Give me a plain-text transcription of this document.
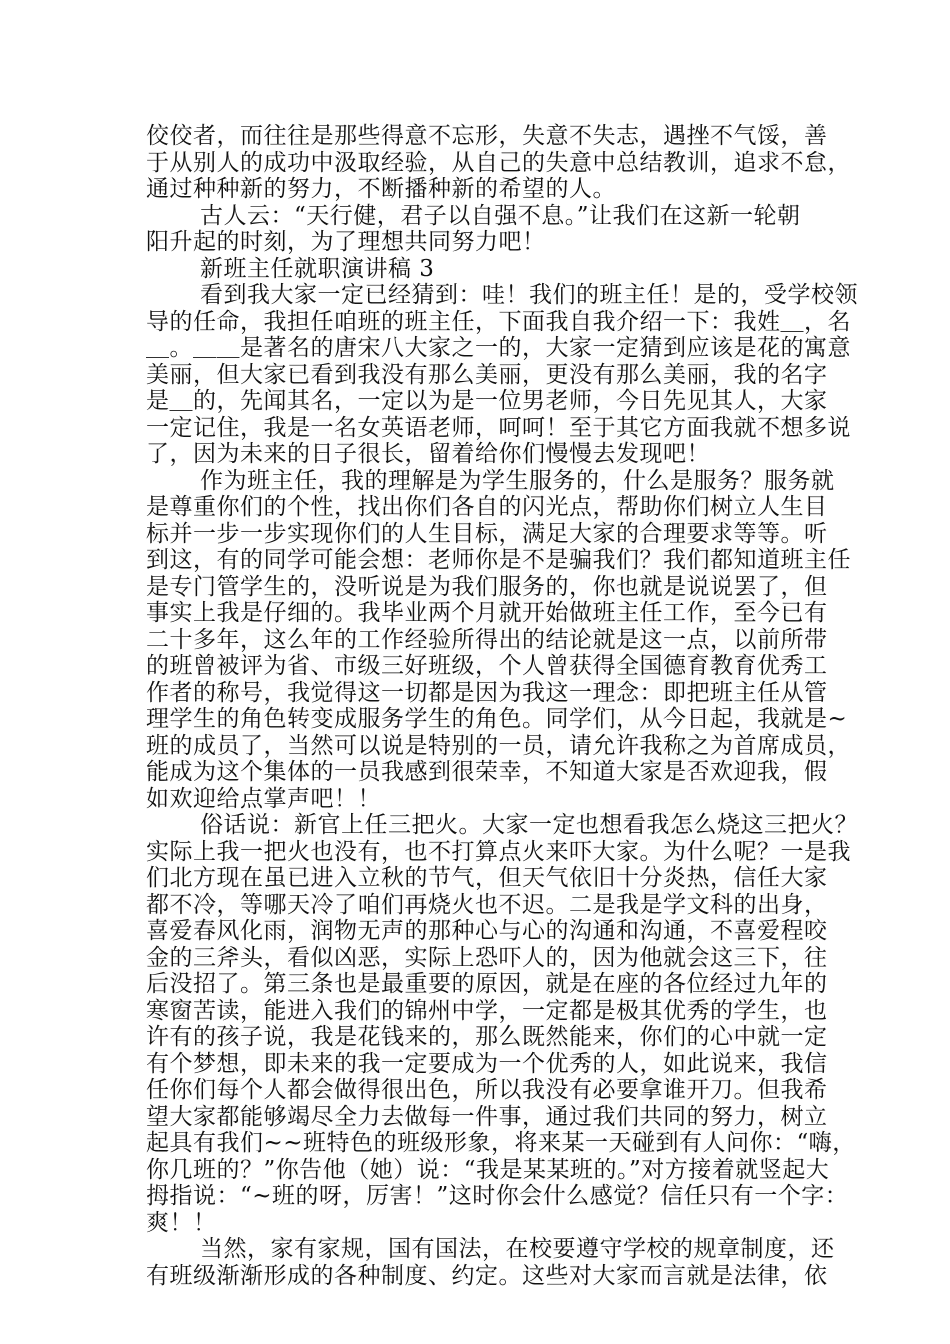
佼佼者，而往往是那些得意不忘形，失意不失志，遇挫不气馁，善
于从别人的成功中汲取经验，从自己的失意中总结教训，追求不怠，
通过种种新的努力，不断播种新的希望的人。
古人云：“天行健，君子以自强不息。”让我们在这新一轮朝
阳升起的时刻，为了理想共同努力吧！
新班主任就职演讲稿 3
看到我大家一定已经猜到：哇！我们的班主任！是的，受学校领
导的任命，我担任咱班的班主任，下面我自我介绍一下：我姓＿，名
＿。＿＿是著名的唐宋八大家之一的，大家一定猜到应该是花的寓意
美丽，但大家已看到我没有那么美丽，更没有那么美丽，我的名字
是＿的，先闻其名，一定以为是一位男老师，今日先见其人，大家
一定记住，我是一名女英语老师，呵呵！至于其它方面我就不想多说
了，因为未来的日子很长，留着给你们慢慢去发现吧！
作为班主任，我的理解是为学生服务的，什么是服务？服务就
是尊重你们的个性，找出你们各自的闪光点，帮助你们树立人生目
标并一步一步实现你们的人生目标，满足大家的合理要求等等。听
到这，有的同学可能会想：老师你是不是骗我们？我们都知道班主任
是专门管学生的，没听说是为我们服务的，你也就是说说罢了，但
事实上我是仔细的。我毕业两个月就开始做班主任工作，至今已有
二十多年，这么年的工作经验所得出的结论就是这一点，以前所带
的班曾被评为省、市级三好班级，个人曾获得全国德育教育优秀工
作者的称号，我觉得这一切都是因为我这一理念：即把班主任从管
理学生的角色转变成服务学生的角色。同学们，从今日起，我就是~
班的成员了，当然可以说是特别的一员，请允许我称之为首席成员，
能成为这个集体的一员我感到很荣幸，不知道大家是否欢迎我，假
如欢迎给点掌声吧！！
俗话说：新官上任三把火。大家一定也想看我怎么烧这三把火？
实际上我一把火也没有，也不打算点火来吓大家。为什么呢？一是我
们北方现在虽已进入立秋的节气，但天气依旧十分炎热，信任大家
都不冷，等哪天冷了咱们再烧火也不迟。二是我是学文科的出身，
喜爱春风化雨，润物无声的那种心与心的沟通和沟通，不喜爱程咬
金的三斧头，看似凶恶，实际上恐吓人的，因为他就会这三下，往
后没招了。第三条也是最重要的原因，就是在座的各位经过九年的
寒窗苦读，能进入我们的锦州中学，一定都是极其优秀的学生，也
许有的孩子说，我是花钱来的，那么既然能来，你们的心中就一定
有个梦想，即未来的我一定要成为一个优秀的人，如此说来，我信
任你们每个人都会做得很出色，所以我没有必要拿谁开刀。但我希
望大家都能够竭尽全力去做每一件事，通过我们共同的努力，树立
起具有我们~~班特色的班级形象，将来某一天碰到有人问你：“嗨，
你几班的？”你告他（她）说：“我是某某班的。”对方接着就竖起大
拇指说：“~班的呀，厉害！”这时你会什么感觉？信任只有一个字：
爽！！
当然，家有家规，国有国法，在校要遵守学校的规章制度，还
有班级渐渐形成的各种制度、约定。这些对大家而言就是法律，依
